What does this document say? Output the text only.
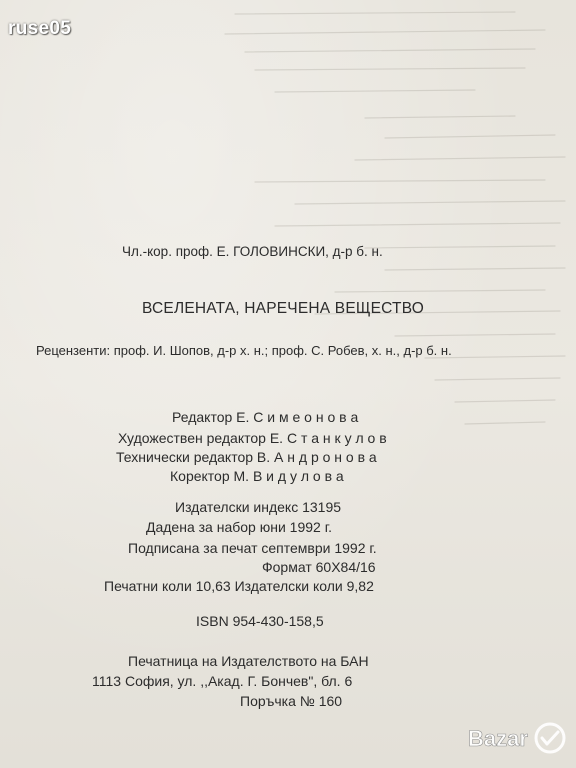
ruse05
Чл.-кор. проф. Е. ГОЛОВИНСКИ, д-р б. н.
ВСЕЛЕНАТА, НАРЕЧЕНА ВЕЩЕСТВО
Рецензенти: проф. И. Шопов, д-р х. н.; проф. С. Робев, х. н., д-р б. н.
Редактор Е. С и м е о н о в а
Художествен редактор Е. С т а н к у л о в
Технически редактор В. А н д р о н о в а
Коректор М. В и д у л о в а
Издателски индекс 13195
Дадена за набор юни 1992 г.
Подписана за печат септември 1992 г.
Формат 60X84/16
Печатни коли 10,63 Издателски коли 9,82
ISBN 954-430-158,5
Печатница на Издателството на БАН
1113 София, ул. ,,Акад. Г. Бончев", бл. 6
Поръчка № 160
Bazar
